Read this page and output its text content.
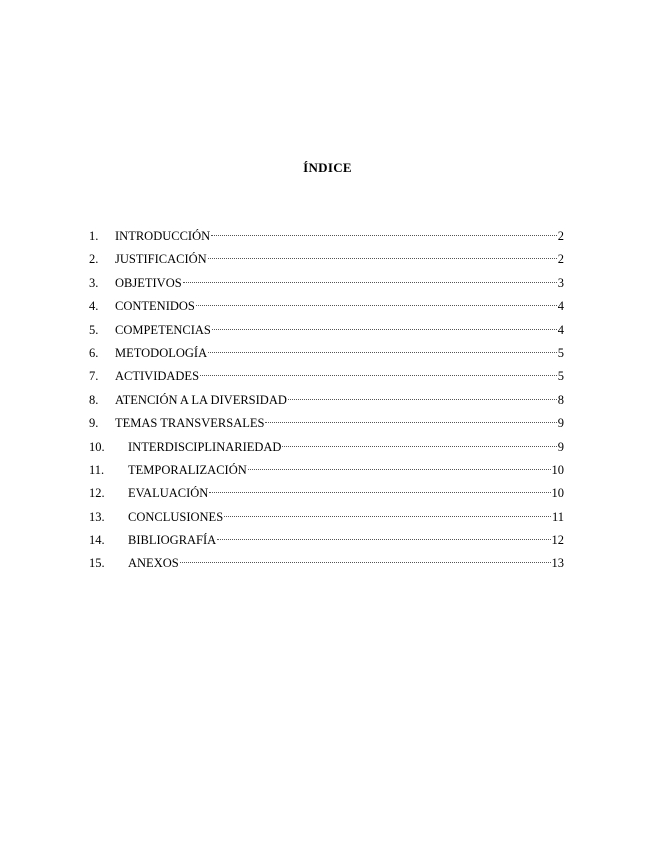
ÍNDICE
1.	INTRODUCCIÓN	2
2.	JUSTIFICACIÓN	2
3.	OBJETIVOS	3
4.	CONTENIDOS	4
5.	COMPETENCIAS	4
6.	METODOLOGÍA	5
7.	ACTIVIDADES	5
8.	ATENCIÓN A LA DIVERSIDAD	8
9.	TEMAS TRANSVERSALES	9
10.	INTERDISCIPLINARIEDAD	9
11.	TEMPORALIZACIÓN	10
12.	EVALUACIÓN	10
13.	CONCLUSIONES	11
14.	BIBLIOGRAFÍA	12
15.	ANEXOS	13
